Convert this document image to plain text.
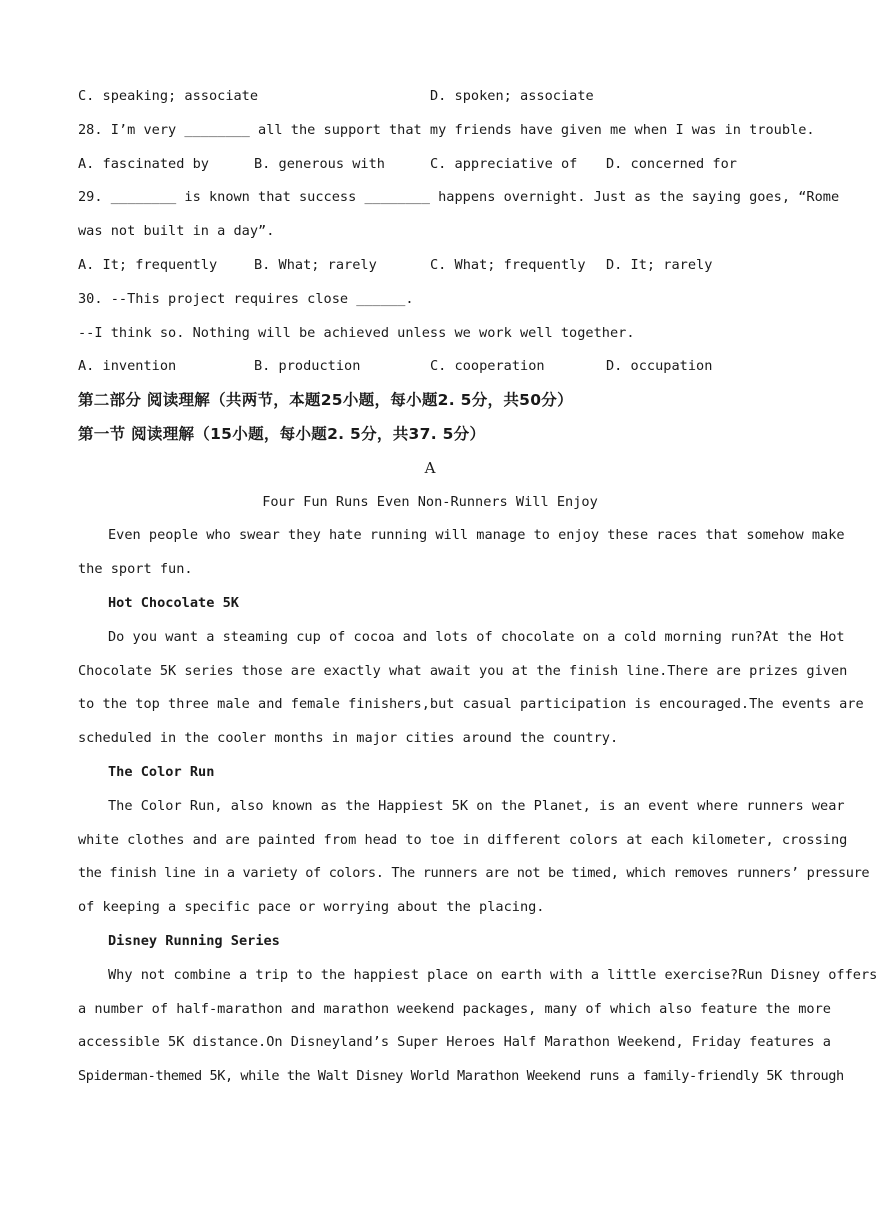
C. speaking; associate	D. spoken; associate
28. I’m very ________ all the support that my friends have given me when I was in trouble.
A. fascinated by	B. generous with	C. appreciative of	D. concerned for
29. ________ is known that success ________ happens overnight. Just as the saying goes, “Rome
was not built in a day”.
A. It; frequently	B. What; rarely	C. What; frequently	D. It; rarely
30. --This project requires close ______.
--I think so. Nothing will be achieved unless we work well together.
A. invention	B. production	C. cooperation	D. occupation
第二部分 阅读理解（共两节，本题25小题，每小题2. 5分，共50分）
第一节 阅读理解（15小题，每小题2. 5分，共37. 5分）
A
Four Fun Runs Even Non-Runners Will Enjoy
Even people who swear they hate running will manage to enjoy these races that somehow make
the sport fun.
Hot Chocolate 5K
Do you want a steaming cup of cocoa and lots of chocolate on a cold morning run?At the Hot
Chocolate 5K series those are exactly what await you at the finish line.There are prizes given
to the top three male and female finishers,but casual participation is encouraged.The events are
scheduled in the cooler months in major cities around the country.
The Color Run
The Color Run, also known as the Happiest 5K on the Planet, is an event where runners wear
white clothes and are painted from head to toe in different colors at each kilometer, crossing
the finish line in a variety of colors. The runners are not be timed, which removes runners’ pressure
of keeping a specific pace or worrying about the placing.
Disney Running Series
Why not combine a trip to the happiest place on earth with a little exercise?Run Disney offers
a number of half-marathon and marathon weekend packages, many of which also feature the more
accessible 5K distance.On Disneyland’s Super Heroes Half Marathon Weekend, Friday features a
Spiderman-themed 5K, while the Walt Disney World Marathon Weekend runs a family-friendly 5K through
